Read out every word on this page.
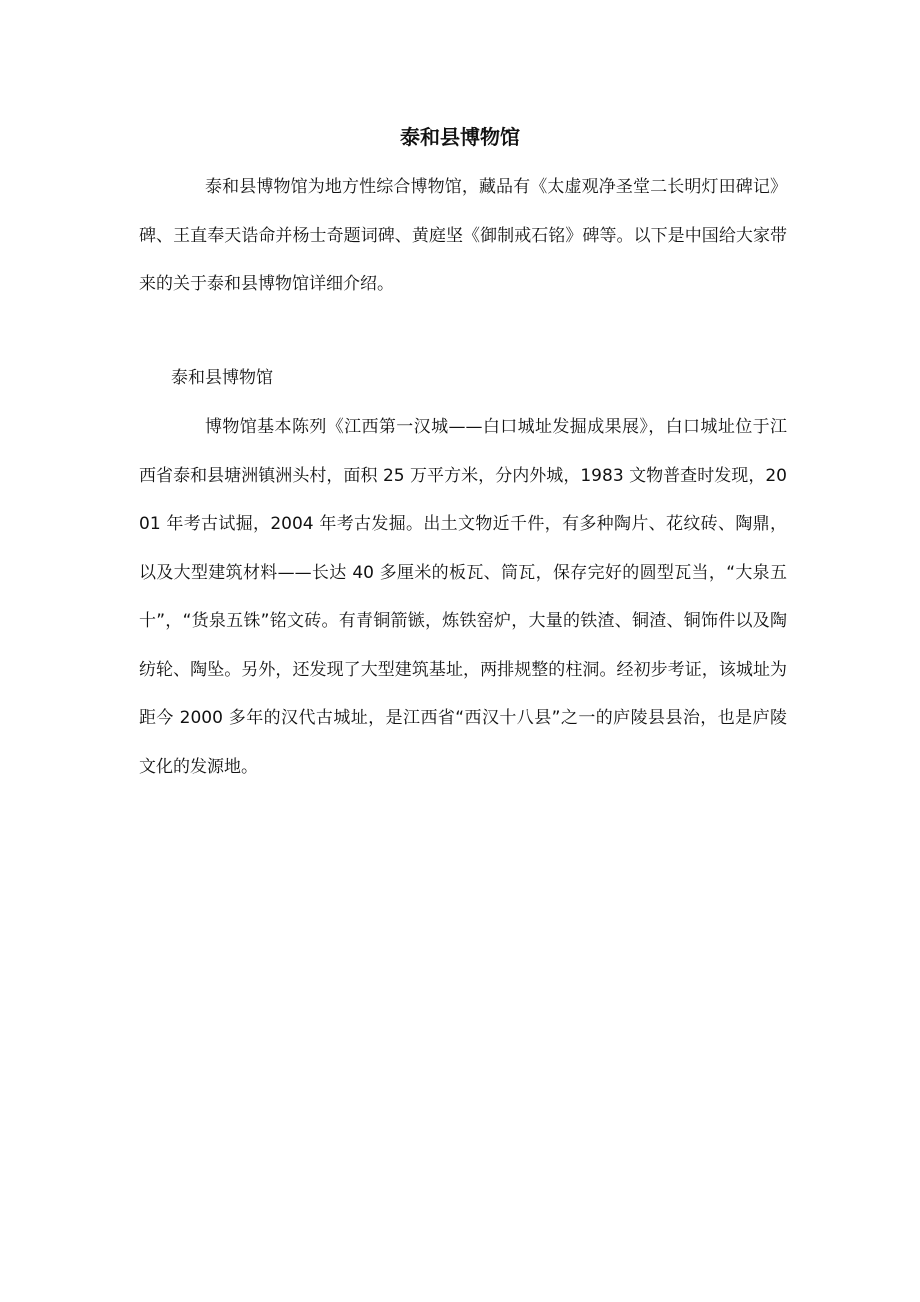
泰和县博物馆

泰和县博物馆为地方性综合博物馆，藏品有《太虚观净圣堂二长明灯田碑记》碑、王直奉天诰命并杨士奇题词碑、黄庭坚《御制戒石铭》碑等。以下是中国给大家带来的关于泰和县博物馆详细介绍。

泰和县博物馆

博物馆基本陈列《江西第一汉城——白口城址发掘成果展》，白口城址位于江西省泰和县塘洲镇洲头村，面积 25 万平方米，分内外城，1983 文物普查时发现，2001 年考古试掘，2004 年考古发掘。出土文物近千件，有多种陶片、花纹砖、陶鼎，以及大型建筑材料——长达 40 多厘米的板瓦、筒瓦，保存完好的圆型瓦当，“大泉五十”，“货泉五铢”铭文砖。有青铜箭镞，炼铁窑炉，大量的铁渣、铜渣、铜饰件以及陶纺轮、陶坠。另外，还发现了大型建筑基址，两排规整的柱洞。经初步考证，该城址为距今 2000 多年的汉代古城址，是江西省“西汉十八县”之一的庐陵县县治，也是庐陵文化的发源地。
